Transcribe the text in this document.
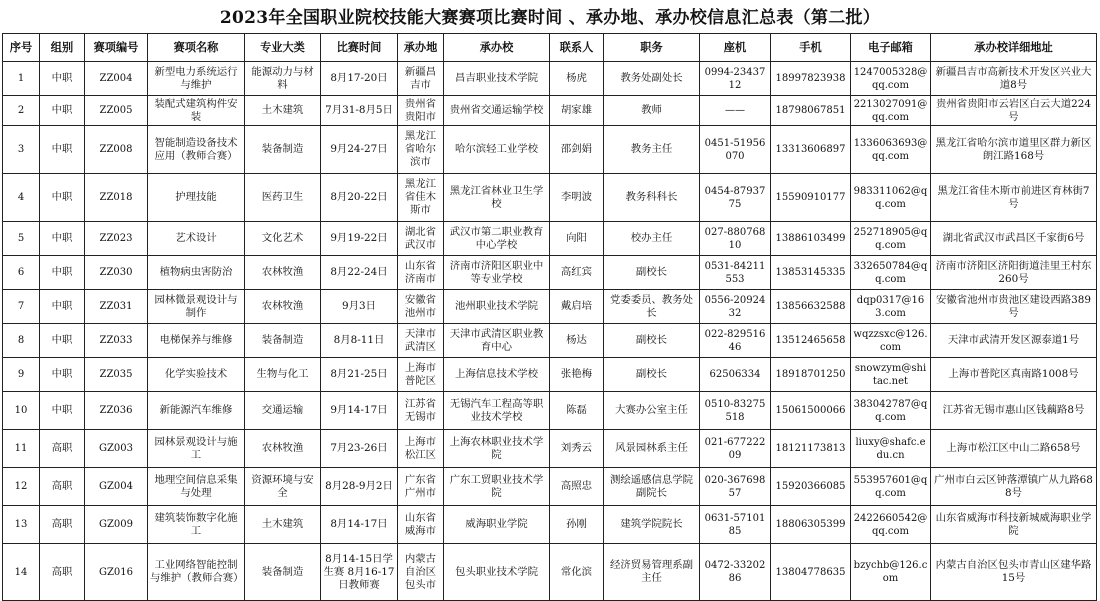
2023年全国职业院校技能大赛赛项比赛时间 、承办地、承办校信息汇总表（第二批）
序号	组别	赛项编号	赛项名称	专业大类	比赛时间	承办地	承办校	联系人	职务	座机	手机	电子邮箱	承办校详细地址
1	中职	ZZ004	新型电力系统运行与维护	能源动力与材料	8月17-20日	新疆昌吉市	昌吉职业技术学院	杨虎	教务处副处长	0994-2343712	18997823938	1247005328@qq.com	新疆昌吉市高新技术开发区兴业大道8号
2	中职	ZZ005	装配式建筑构件安装	土木建筑	7月31-8月5日	贵州省贵阳市	贵州省交通运输学校	胡家雄	教师	——	18798067851	2213027091@qq.com	贵州省贵阳市云岩区白云大道224号
3	中职	ZZ008	智能制造设备技术应用（教师合赛）	装备制造	9月24-27日	黑龙江省哈尔滨市	哈尔滨轻工业学校	邵剑娟	教务主任	0451-51956070	13313606897	1336063693@qq.com	黑龙江省哈尔滨市道里区群力新区朗江路168号
4	中职	ZZ018	护理技能	医药卫生	8月20-22日	黑龙江省佳木斯市	黑龙江省林业卫生学校	李明波	教务科科长	0454-8793775	15590910177	983311062@qq.com	黑龙江省佳木斯市前进区育林街7号
5	中职	ZZ023	艺术设计	文化艺术	9月19-22日	湖北省武汉市	武汉市第二职业教育中心学校	向阳	校办主任	027-88076810	13886103499	252718905@qq.com	湖北省武汉市武昌区千家街6号
6	中职	ZZ030	植物病虫害防治	农林牧渔	8月22-24日	山东省济南市	济南市济阳区职业中等专业学校	高红宾	副校长	0531-84211553	13853145335	332650784@qq.com	济南市济阳区济阳街道洼里王村东260号
7	中职	ZZ031	园林微景观设计与制作	农林牧渔	9月3日	安徽省池州市	池州职业技术学院	戴启培	党委委员、教务处长	0556-2092432	13856632588	dqp0317@163.com	安徽省池州市贵池区建设西路389号
8	中职	ZZ033	电梯保养与维修	装备制造	8月8-11日	天津市武清区	天津市武清区职业教育中心	杨达	副校长	022-82951646	13512465658	wqzzsxc@126.com	天津市武清开发区源泰道1号
9	中职	ZZ035	化学实验技术	生物与化工	8月21-25日	上海市普陀区	上海信息技术学校	张艳梅	副校长	62506334	18918701250	snowzym@shitac.net	上海市普陀区真南路1008号
10	中职	ZZ036	新能源汽车维修	交通运输	9月14-17日	江苏省无锡市	无锡汽车工程高等职业技术学校	陈磊	大赛办公室主任	0510-83275518	15061500066	383042787@qq.com	江苏省无锡市惠山区钱藕路8号
11	高职	GZ003	园林景观设计与施工	农林牧渔	7月23-26日	上海市松江区	上海农林职业技术学院	刘秀云	风景园林系主任	021-67722209	18121173813	liuxy@shafc.edu.cn	上海市松江区中山二路658号
12	高职	GZ004	地理空间信息采集与处理	资源环境与安全	8月28-9月2日	广东省广州市	广东工贸职业技术学院	高照忠	测绘遥感信息学院副院长	020-36769857	15920366085	553957601@qq.com	广州市白云区钟落潭镇广从九路688号
13	高职	GZ009	建筑装饰数字化施工	土木建筑	8月14-17日	山东省威海市	威海职业学院	孙刚	建筑学院院长	0631-5710185	18806305399	2422660542@qq.com	山东省威海市科技新城威海职业学院
14	高职	GZ016	工业网络智能控制与维护（教师合赛）	装备制造	8月14-15日学生赛 8月16-17日教师赛	内蒙古自治区包头市	包头职业技术学院	常化滨	经济贸易管理系副主任	0472-3320286	13804778635	bzychb@126.com	内蒙古自治区包头市青山区建华路15号
